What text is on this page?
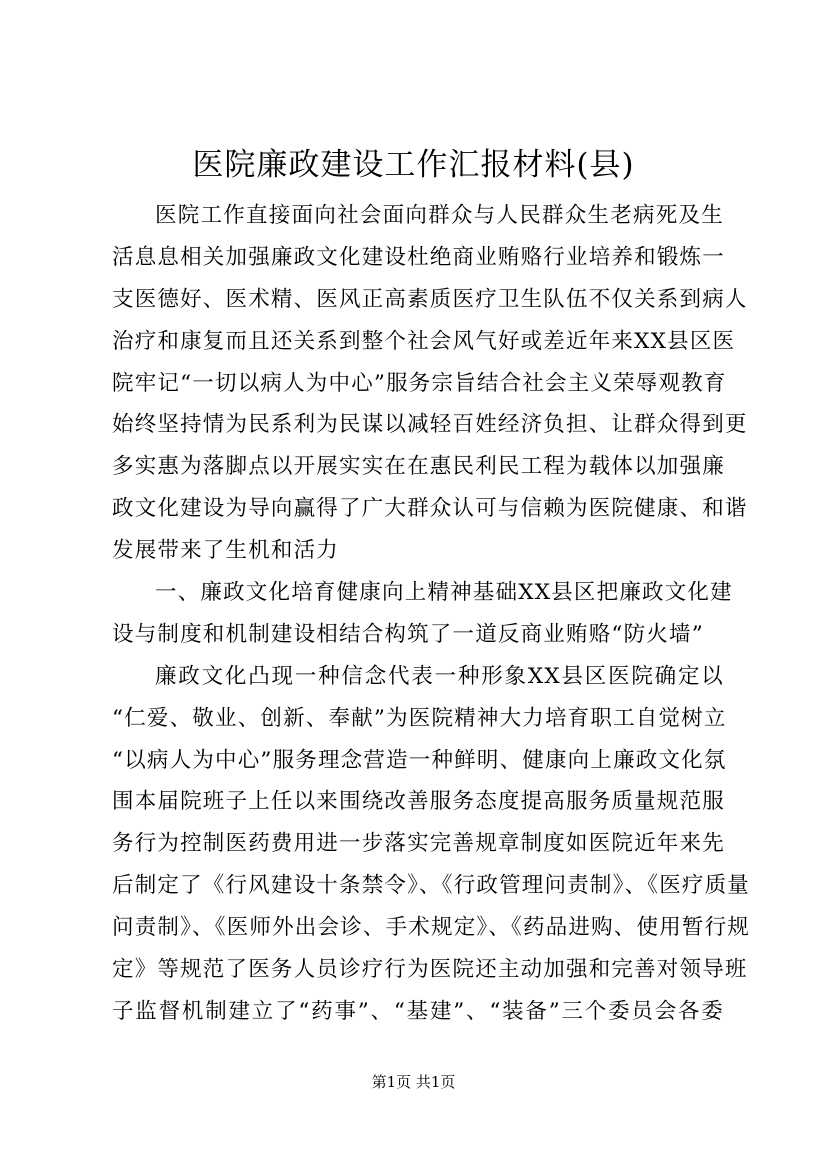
医院廉政建设工作汇报材料(县)
医院工作直接面向社会面向群众与人民群众生老病死及生
活息息相关加强廉政文化建设杜绝商业贿赂行业培养和锻炼一
支医德好、医术精、医风正高素质医疗卫生队伍不仅关系到病人
治疗和康复而且还关系到整个社会风气好或差近年来XX县区医
院牢记“一切以病人为中心”服务宗旨结合社会主义荣辱观教育
始终坚持情为民系利为民谋以减轻百姓经济负担、让群众得到更
多实惠为落脚点以开展实实在在惠民利民工程为载体以加强廉
政文化建设为导向赢得了广大群众认可与信赖为医院健康、和谐
发展带来了生机和活力
一、廉政文化培育健康向上精神基础XX县区把廉政文化建
设与制度和机制建设相结合构筑了一道反商业贿赂“防火墙”
廉政文化凸现一种信念代表一种形象XX县区医院确定以
“仁爱、敬业、创新、奉献”为医院精神大力培育职工自觉树立
“以病人为中心”服务理念营造一种鲜明、健康向上廉政文化氛
围本届院班子上任以来围绕改善服务态度提高服务质量规范服
务行为控制医药费用进一步落实完善规章制度如医院近年来先
后制定了《行风建设十条禁令》、《行政管理问责制》、《医疗质量
问责制》、《医师外出会诊、手术规定》、《药品进购、使用暂行规
定》等规范了医务人员诊疗行为医院还主动加强和完善对领导班
子监督机制建立了“药事”、“基建”、“装备”三个委员会各委
第1页 共1页
